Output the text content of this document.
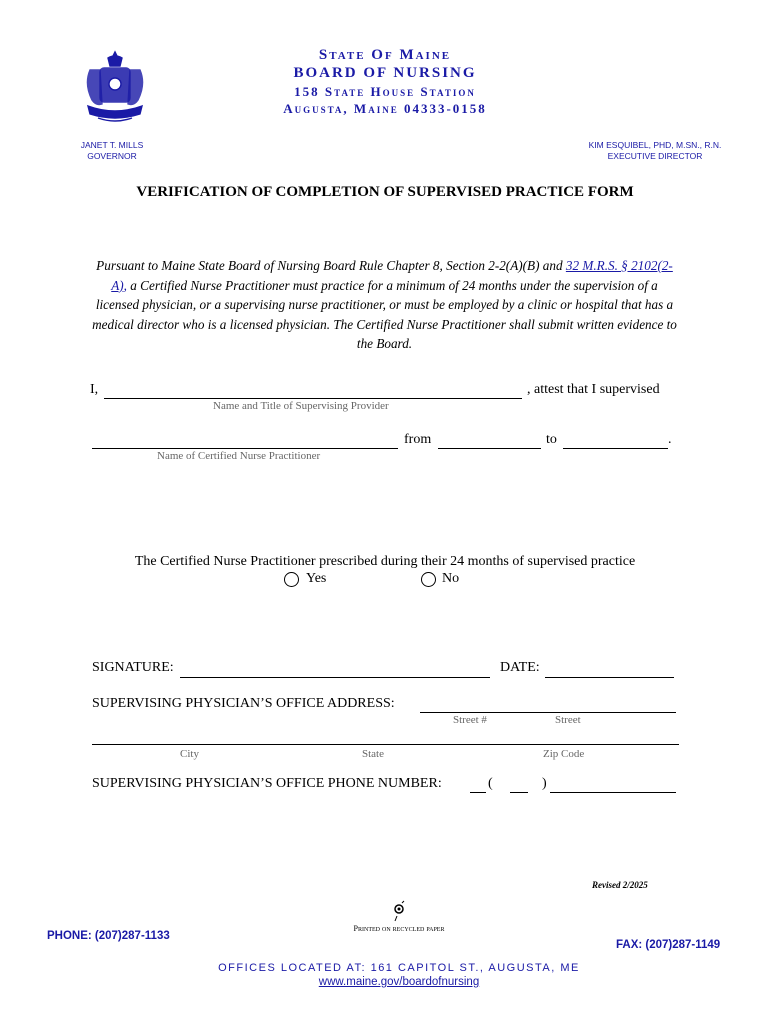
State Of Maine
BOARD OF NURSING
158 State House Station
Augusta, Maine 04333-0158
JANET T. MILLS
GOVERNOR
KIM ESQUIBEL, PHD, M.SN., R.N.
EXECUTIVE DIRECTOR
VERIFICATION OF COMPLETION OF SUPERVISED PRACTICE FORM
Pursuant to Maine State Board of Nursing Board Rule Chapter 8, Section 2-2(A)(B) and 32 M.R.S. § 2102(2-A), a Certified Nurse Practitioner must practice for a minimum of 24 months under the supervision of a licensed physician, or a supervising nurse practitioner, or must be employed by a clinic or hospital that has a medical director who is a licensed physician. The Certified Nurse Practitioner shall submit written evidence to the Board.
I,	, attest that I supervised
Name and Title of Supervising Provider
from	to	.
Name of Certified Nurse Practitioner
The Certified Nurse Practitioner prescribed during their 24 months of supervised practice
Yes	No
SIGNATURE:	DATE:
SUPERVISING PHYSICIAN’S OFFICE ADDRESS:
Street #	Street
City	State	Zip Code
SUPERVISING PHYSICIAN’S OFFICE PHONE NUMBER:	(	)
Revised 2/2025
Printed on recycled paper
PHONE: (207)287-1133
FAX: (207)287-1149
OFFICES LOCATED AT: 161 CAPITOL ST., AUGUSTA, ME
www.maine.gov/boardofnursing
